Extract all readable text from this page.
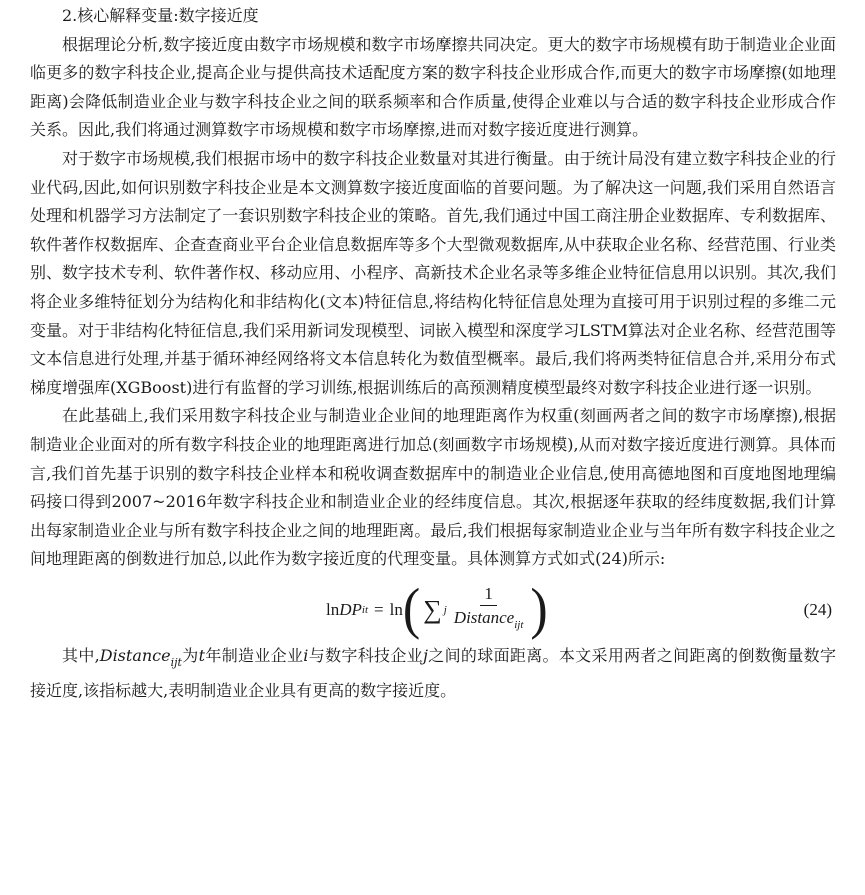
2.核心解释变量:数字接近度

根据理论分析,数字接近度由数字市场规模和数字市场摩擦共同决定。更大的数字市场规模有助于制造业企业面临更多的数字科技企业,提高企业与提供高技术适配度方案的数字科技企业形成合作,而更大的数字市场摩擦(如地理距离)会降低制造业企业与数字科技企业之间的联系频率和合作质量,使得企业难以与合适的数字科技企业形成合作关系。因此,我们将通过测算数字市场规模和数字市场摩擦,进而对数字接近度进行测算。

对于数字市场规模,我们根据市场中的数字科技企业数量对其进行衡量。由于统计局没有建立数字科技企业的行业代码,因此,如何识别数字科技企业是本文测算数字接近度面临的首要问题。为了解决这一问题,我们采用自然语言处理和机器学习方法制定了一套识别数字科技企业的策略。首先,我们通过中国工商注册企业数据库、专利数据库、软件著作权数据库、企查查商业平台企业信息数据库等多个大型微观数据库,从中获取企业名称、经营范围、行业类别、数字技术专利、软件著作权、移动应用、小程序、高新技术企业名录等多维企业特征信息用以识别。其次,我们将企业多维特征划分为结构化和非结构化(文本)特征信息,将结构化特征信息处理为直接可用于识别过程的多维二元变量。对于非结构化特征信息,我们采用新词发现模型、词嵌入模型和深度学习LSTM算法对企业名称、经营范围等文本信息进行处理,并基于循环神经网络将文本信息转化为数值型概率。最后,我们将两类特征信息合并,采用分布式梯度增强库(XGBoost)进行有监督的学习训练,根据训练后的高预测精度模型最终对数字科技企业进行逐一识别。

在此基础上,我们采用数字科技企业与制造业企业间的地理距离作为权重(刻画两者之间的数字市场摩擦),根据制造业企业面对的所有数字科技企业的地理距离进行加总(刻画数字市场规模),从而对数字接近度进行测算。具体而言,我们首先基于识别的数字科技企业样本和税收调查数据库中的制造业企业信息,使用高德地图和百度地图地理编码接口得到2007~2016年数字科技企业和制造业企业的经纬度信息。其次,根据逐年获取的经纬度数据,我们计算出每家制造业企业与所有数字科技企业之间的地理距离。最后,我们根据每家制造业企业与当年所有数字科技企业之间地理距离的倒数进行加总,以此作为数字接近度的代理变量。具体测算方式如式(24)所示:

ln DP it = ln ( ∑ j $\frac{1}{Distance_{ijt}}$ )	(24)

其中,Distance$_{ijt}$为t年制造业企业i与数字科技企业j之间的球面距离。本文采用两者之间距离的倒数衡量数字接近度,该指标越大,表明制造业企业具有更高的数字接近度。
